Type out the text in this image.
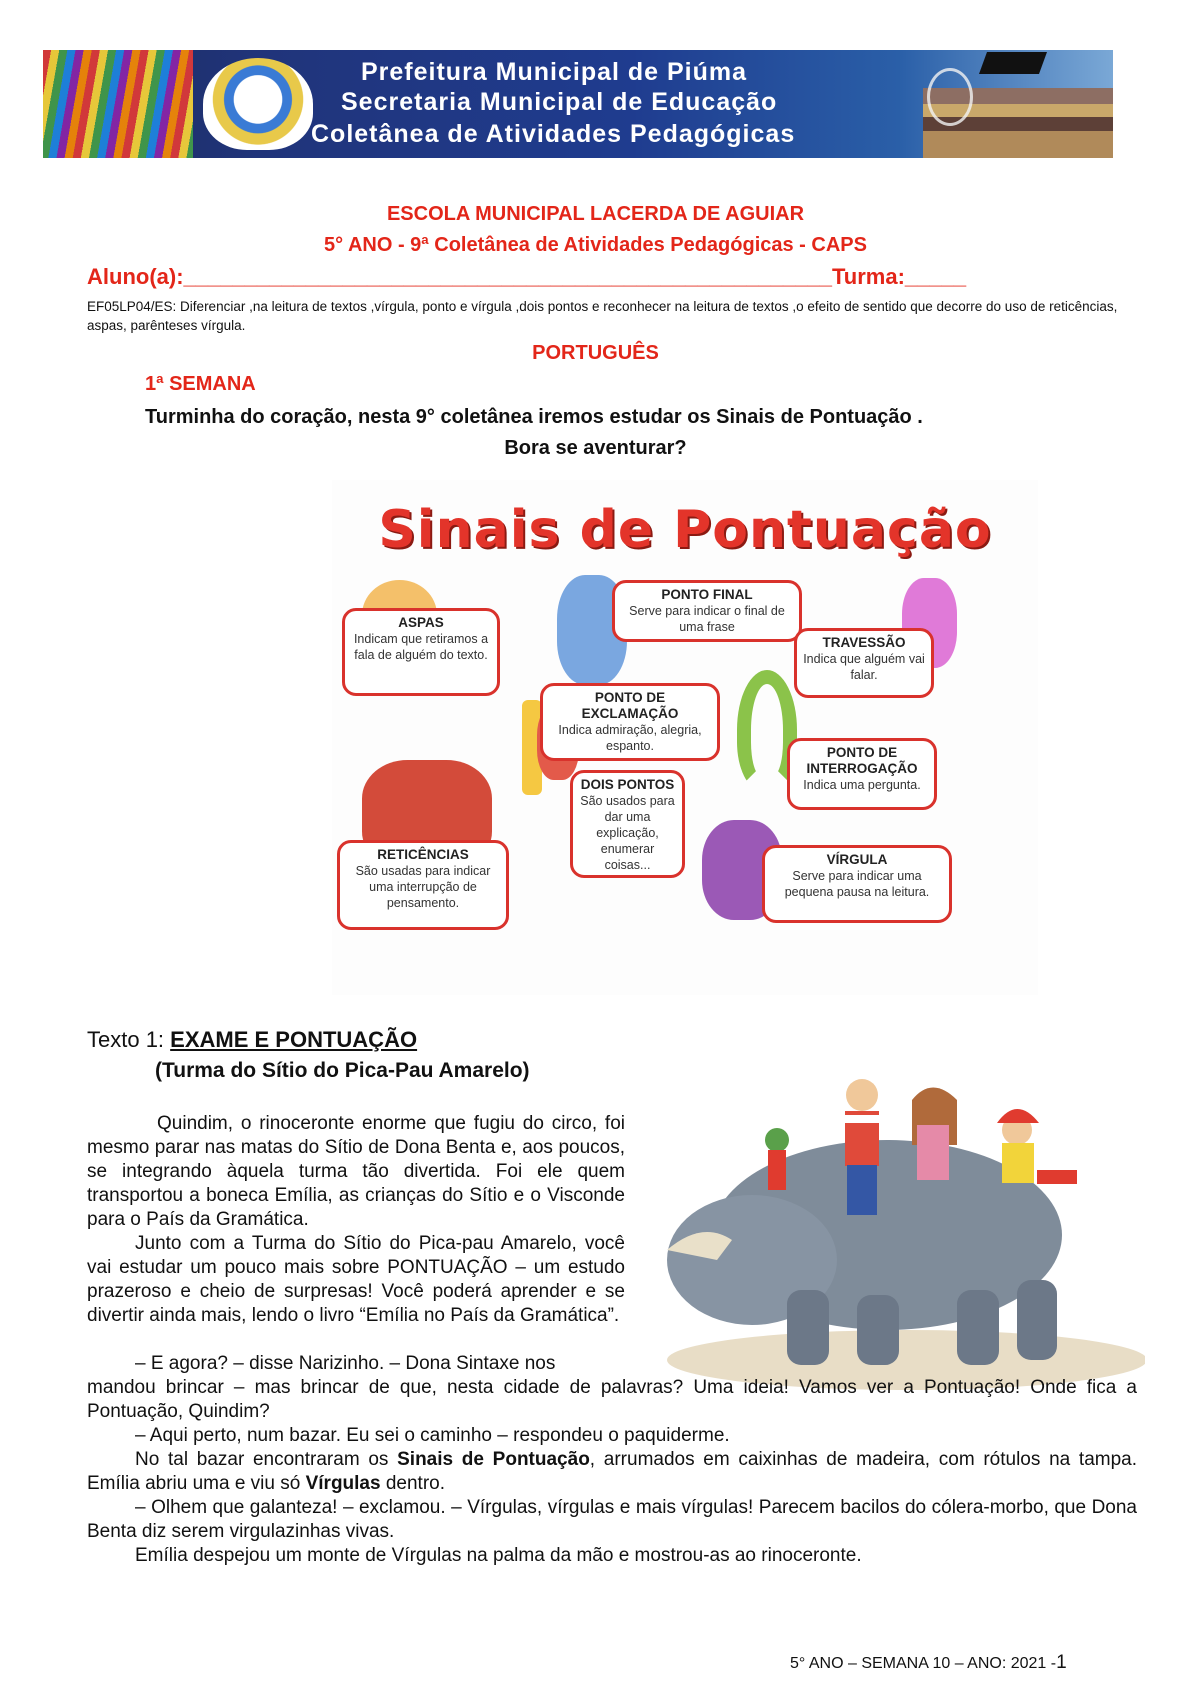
Prefeitura Municipal de Piúma
Secretaria Municipal de Educação
Coletânea de Atividades Pedagógicas
ESCOLA MUNICIPAL LACERDA DE AGUIAR
5° ANO - 9ª Coletânea de Atividades Pedagógicas - CAPS
Aluno(a):_____________________________________________________Turma:_____
EF05LP04/ES: Diferenciar ,na leitura de textos ,vírgula, ponto e vírgula ,dois pontos e reconhecer na leitura de textos ,o efeito de sentido que decorre do uso de reticências, aspas, parênteses vírgula.
PORTUGUÊS
1ª SEMANA
Turminha do coração, nesta 9° coletânea iremos estudar os Sinais de Pontuação .
Bora se aventurar?
Sinais de Pontuação
PONTO FINAL
Serve para indicar o final de uma frase
ASPAS
Indicam que retiramos a fala de alguém do texto.
TRAVESSÃO
Indica que alguém vai falar.
PONTO DE EXCLAMAÇÃO
Indica admiração, alegria, espanto.	PONTO DE INTERROGAÇÃO
Indica uma pergunta.
DOIS PONTOS
São usados para dar uma explicação, enumerar coisas...
RETICÊNCIAS
São usadas para indicar uma interrupção de pensamento.
VÍRGULA
Serve para indicar uma pequena pausa na leitura.
Texto 1: EXAME E PONTUAÇÃO
(Turma do Sítio do Pica-Pau Amarelo)
Quindim, o rinoceronte enorme que fugiu do circo, foi mesmo parar nas matas do Sítio de Dona Benta e, aos poucos, se integrando àquela turma tão divertida. Foi ele quem transportou a boneca Emília, as crianças do Sítio e o Visconde para o País da Gramática.
Junto com a Turma do Sítio do Pica-pau Amarelo, você vai estudar um pouco mais sobre PONTUAÇÃO – um estudo prazeroso e cheio de surpresas! Você poderá aprender e se divertir ainda mais, lendo o livro “Emília no País da Gramática”.
– E agora? – disse Narizinho. – Dona Sintaxe nos
mandou brincar – mas brincar de que, nesta cidade de palavras? Uma ideia! Vamos ver a Pontuação! Onde fica a Pontuação, Quindim?
– Aqui perto, num bazar. Eu sei o caminho – respondeu o paquiderme.
No tal bazar encontraram os Sinais de Pontuação, arrumados em caixinhas de madeira, com rótulos na tampa. Emília abriu uma e viu só Vírgulas dentro.
– Olhem que galanteza! – exclamou. – Vírgulas, vírgulas e mais vírgulas! Parecem bacilos do cólera-morbo, que Dona Benta diz serem virgulazinhas vivas.
Emília despejou um monte de Vírgulas na palma da mão e mostrou-as ao rinoceronte.
5° ANO – SEMANA 10 – ANO: 2021 -1
